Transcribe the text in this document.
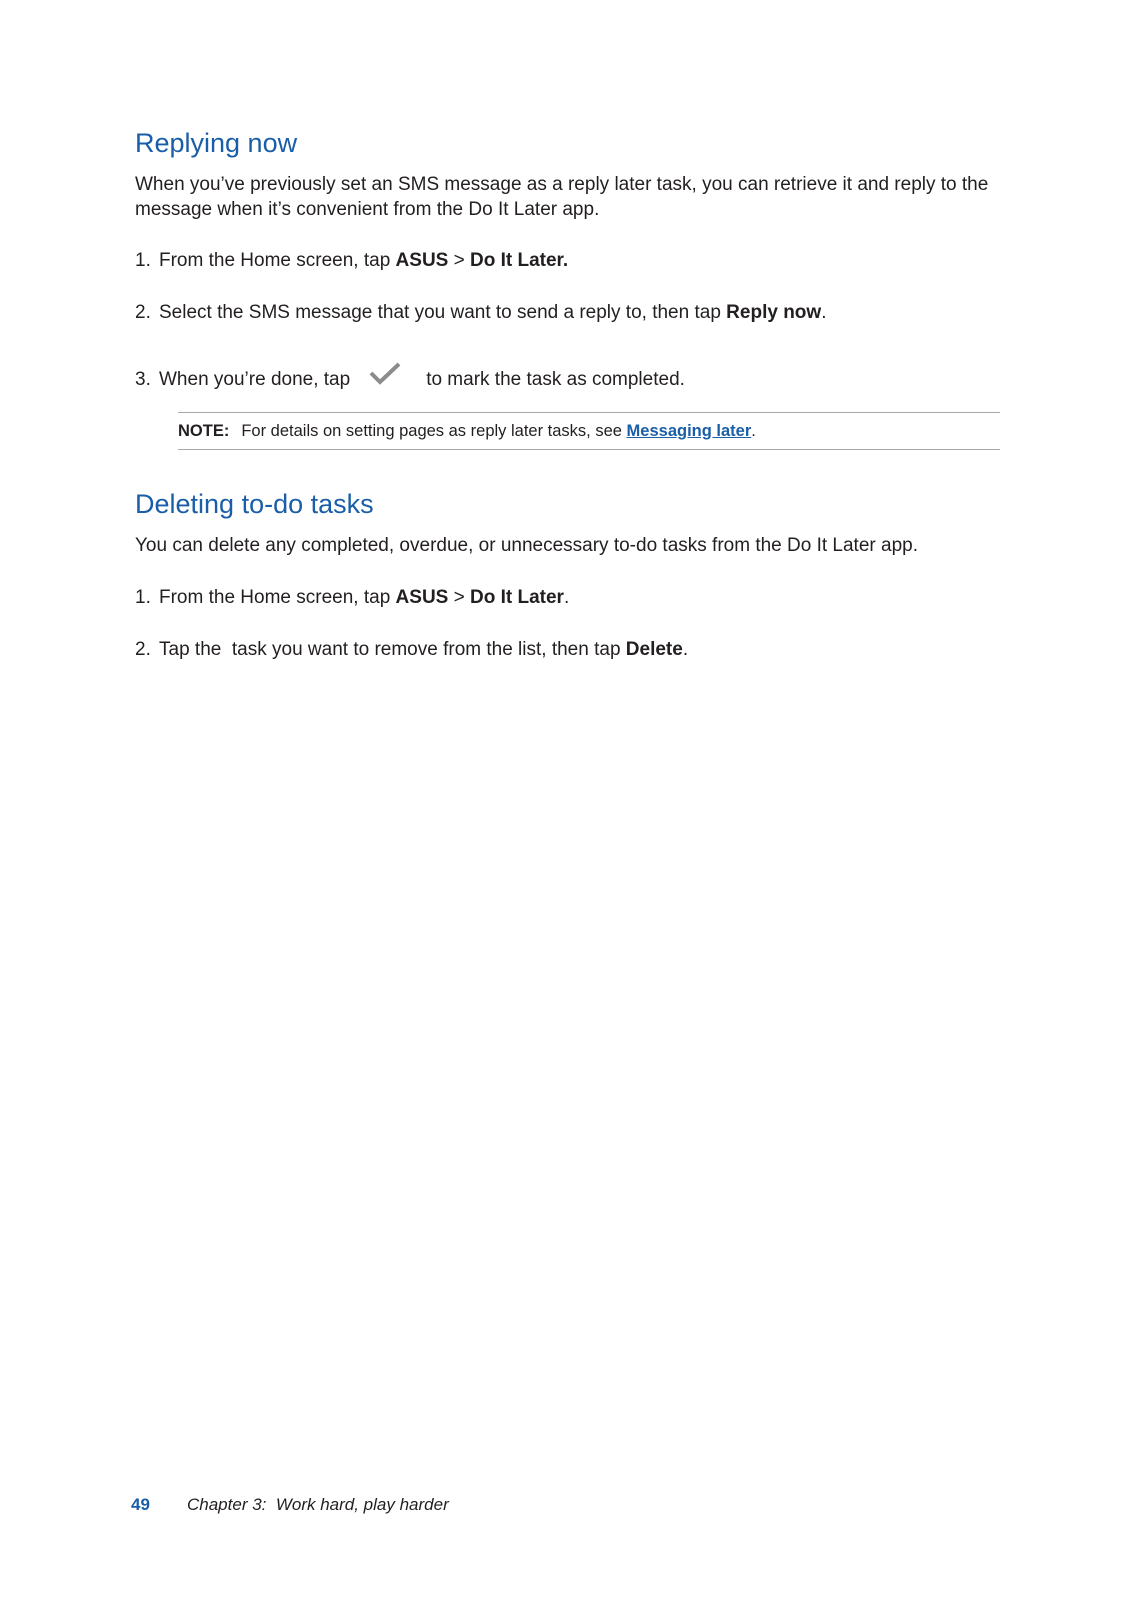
Replying now

When you’ve previously set an SMS message as a reply later task, you can retrieve it and reply to the message when it’s convenient from the Do It Later app.

1. From the Home screen, tap ASUS > Do It Later.

2. Select the SMS message that you want to send a reply to, then tap Reply now.

3. When you’re done, tap	to mark the task as completed.

NOTE: For details on setting pages as reply later tasks, see Messaging later.
Deleting to-do tasks

You can delete any completed, overdue, or unnecessary to-do tasks from the Do It Later app.

1. From the Home screen, tap ASUS > Do It Later.

2. Tap the  task you want to remove from the list, then tap Delete.

49 Chapter 3:  Work hard, play harder
